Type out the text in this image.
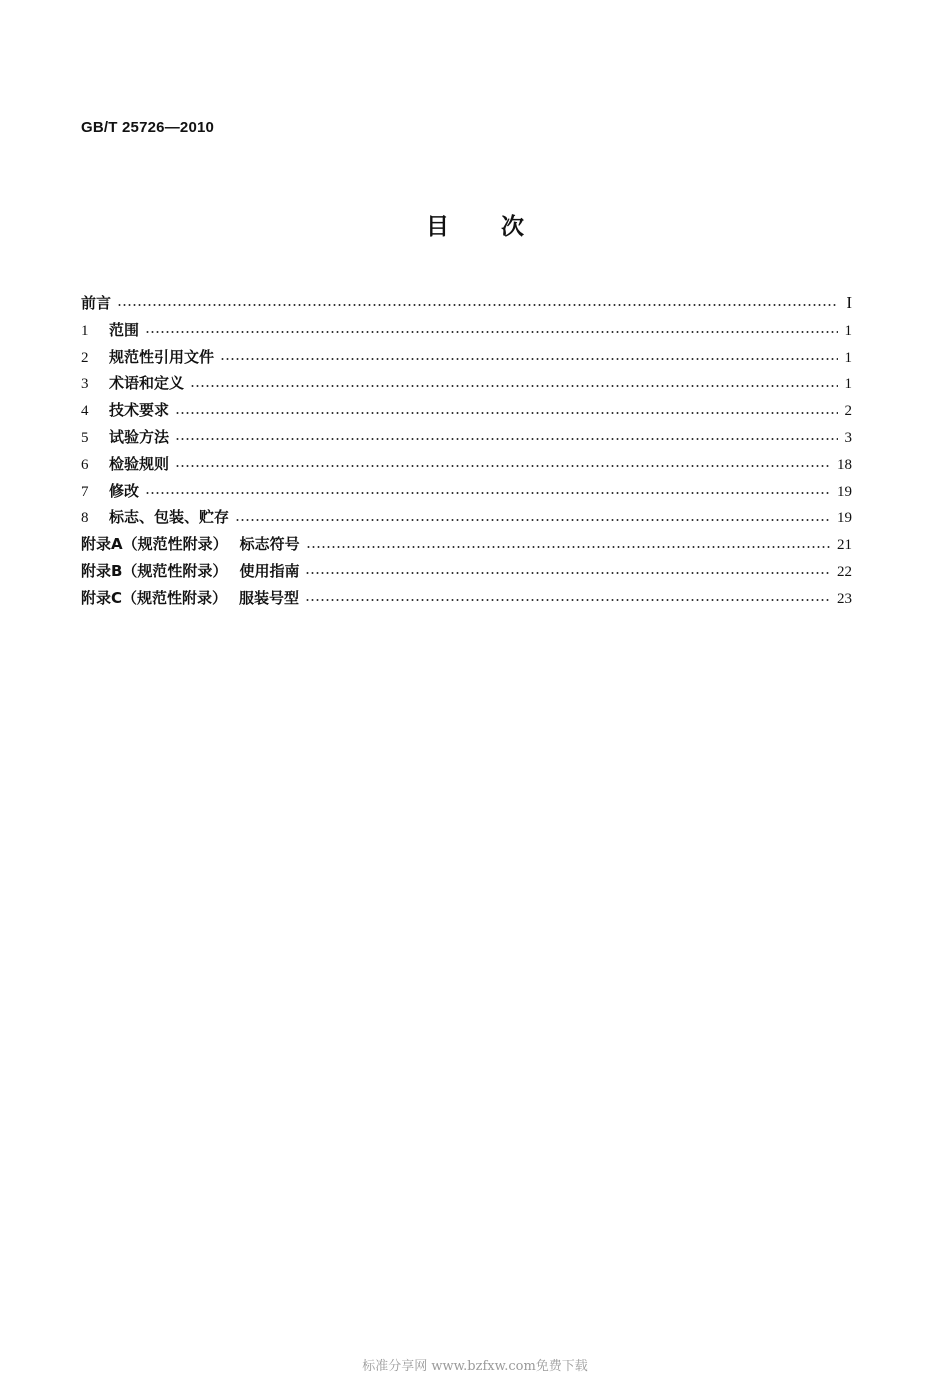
GB/T 25726—2010
目次
前言	I
1	范围	1
2	规范性引用文件	1
3	术语和定义	1
4	技术要求	2
5	试验方法	3
6	检验规则	18
7	修改	19
8	标志、包装、贮存	19
附录A（规范性附录） 标志符号	21
附录B（规范性附录） 使用指南	22
附录C（规范性附录） 服装号型	23
标准分享网 www.bzfxw.com免费下载
